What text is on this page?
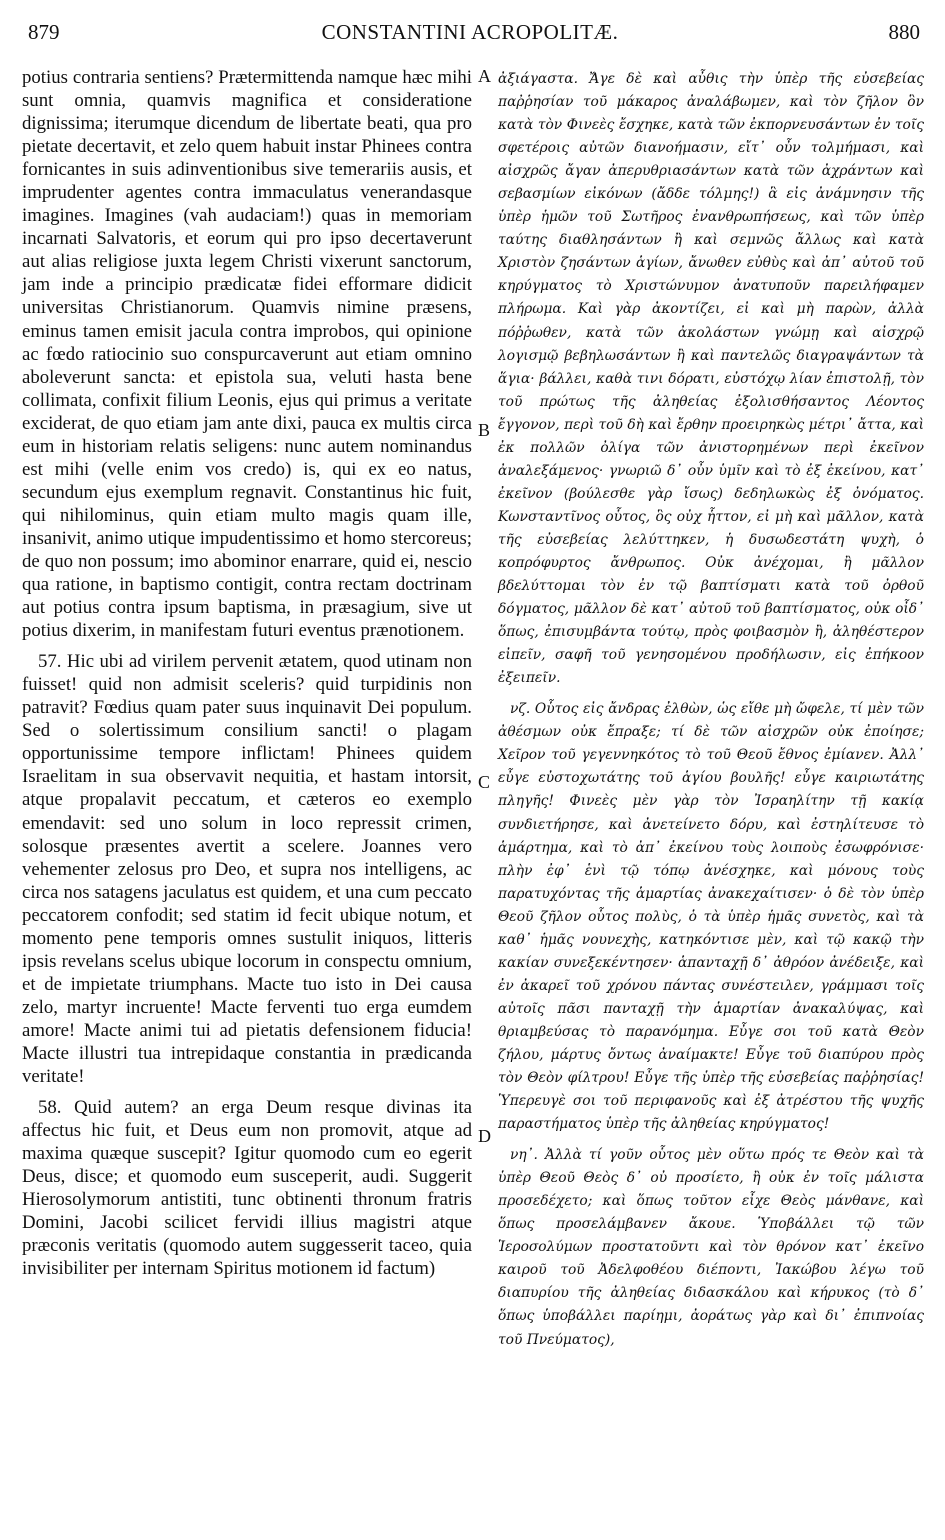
879	CONSTANTINI ACROPOLITÆ.	880
A
B
C
D

potius contraria sentiens? Prætermittenda namque hæc mihi sunt omnia, quamvis magnifica et consideratione dignissima; iterumque dicendum de libertate beati, qua pro pietate decertavit, et zelo quem habuit instar Phinees contra fornicantes in suis adinventionibus sive temerariis ausis, et imprudenter agentes contra immaculatus venerandasque imagines. Imagines (vah audaciam!) quas in memoriam incarnati Salvatoris, et eorum qui pro ipso decertaverunt aut alias religiose juxta legem Christi vixerunt sanctorum, jam inde a principio prædicatæ fidei efformare didicit universitas Christianorum. Quamvis nimine præsens, eminus tamen emisit jacula contra improbos, qui opinione ac fœdo ratiocinio suo conspurcaverunt aut etiam omnino aboleverunt sancta: et epistola sua, veluti hasta bene collimata, confixit filium Leonis, ejus qui primus a veritate exciderat, de quo etiam jam ante dixi, pauca ex multis circa eum in historiam relatis seligens: nunc autem nominandus est mihi (velle enim vos credo) is, qui ex eo natus, secundum ejus exemplum regnavit. Constantinus hic fuit, qui nihilominus, quin etiam multo magis quam ille, insanivit, animo utique impudentissimo et homo stercoreus; de quo non possum; imo abominor enarrare, quid ei, nescio qua ratione, in baptismo contigit, contra rectam doctrinam aut potius contra ipsum baptisma, in præsagium, sive ut potius dixerim, in manifestam futuri eventus prænotionem.

57. Hic ubi ad virilem pervenit ætatem, quod utinam non fuisset! quid non admisit sceleris? quid turpidinis non patravit? Fœdius quam pater suus inquinavit Dei populum. Sed o solertissimum consilium sancti! o plagam opportunissime tempore inflictam! Phinees quidem Israelitam in sua observavit nequitia, et hastam intorsit, atque propalavit peccatum, et cæteros eo exemplo emendavit: sed uno solum in loco repressit crimen, solosque præsentes avertit a scelere. Joannes vero vehementer zelosus pro Deo, et supra nos intelligens, ac circa nos satagens jaculatus est quidem, et una cum peccato peccatorem confodit; sed statim id fecit ubique notum, et momento pene temporis omnes sustulit iniquos, litteris ipsis revelans scelus ubique locorum in conspectu omnium, et de impietate triumphans. Macte tuo isto in Dei causa zelo, martyr incruente! Macte ferventi tuo erga eumdem amore! Macte animi tui ad pietatis defensionem fiducia! Macte illustri tua intrepidaque constantia in prædicanda veritate!

58. Quid autem? an erga Deum resque divinas ita affectus hic fuit, et Deus eum non promovit, atque ad maxima quæque suscepit? Igitur quomodo cum eo egerit Deus, disce; et quomodo eum susceperit, audi. Suggerit Hierosolymorum antistiti, tunc obtinenti thronum fratris Domini, Jacobi scilicet fervidi illius magistri atque præconis veritatis (quomodo autem suggesserit taceo, quia invisibiliter per internam Spiritus motionem id factum)

ἀξιάγαστα. Ἄγε δὲ καὶ αὖθις τὴν ὑπὲρ τῆς εὐσεβείας παῤῥησίαν τοῦ μάκαρος ἀναλάβωμεν, καὶ τὸν ζῆλον ὃν κατὰ τὸν Φινεὲς ἔσχηκε, κατὰ τῶν ἐκπορνευσάντων ἐν τοῖς σφετέροις αὐτῶν διανοήμασιν, εἴτ᾽ οὖν τολμήμασι, καὶ αἰσχρῶς ἄγαν ἀπερυθριασάντων κατὰ τῶν ἀχράντων καὶ σεβασμίων εἰκόνων (ἄδδε τόλμης!) ἃ εἰς ἀνάμνησιν τῆς ὑπὲρ ἡμῶν τοῦ Σωτῆρος ἐνανθρωπήσεως, καὶ τῶν ὑπὲρ ταύτης διαθλησάντων ἢ καὶ σεμνῶς ἄλλως καὶ κατὰ Χριστὸν ζησάντων ἁγίων, ἄνωθεν εὐθὺς καὶ ἀπ᾽ αὐτοῦ τοῦ κηρύγματος τὸ Χριστώνυμον ἀνατυποῦν παρειλήφαμεν πλήρωμα. Καὶ γὰρ ἀκοντίζει, εἰ καὶ μὴ παρὼν, ἀλλὰ πόῤῥωθεν, κατὰ τῶν ἀκολάστων γνώμῃ καὶ αἰσχρῷ λογισμῷ βεβηλωσάντων ἢ καὶ παντελῶς διαγραψάντων τὰ ἅγια· βάλλει, καθὰ τινι δόρατι, εὐστόχῳ λίαν ἐπιστολῇ, τὸν τοῦ πρώτως τῆς ἀληθείας ἐξολισθήσαντος Λέοντος ἔγγονον, περὶ τοῦ δὴ καὶ ἔρθην προειρηκὼς μέτρι᾽ ἄττα, καὶ ἐκ πολλῶν ὀλίγα τῶν ἀνιστορημένων περὶ ἐκεῖνον ἀναλεξάμενος· γνωριῶ δ᾽ οὖν ὑμῖν καὶ τὸ ἐξ ἐκείνου, κατ᾽ ἐκεῖνον (βούλεσθε γὰρ ἴσως) δεδηλωκὼς ἐξ ὀνόματος. Κωνσταντῖνος οὗτος, ὃς οὐχ ἧττον, εἰ μὴ καὶ μᾶλλον, κατὰ τῆς εὐσεβείας λελύττηκεν, ἡ δυσωδεστάτη ψυχὴ, ὁ κοπρόφυρτος ἄνθρωπος. Οὐκ ἀνέχομαι, ἢ μᾶλλον βδελύττομαι τὸν ἐν τῷ βαπτίσματι κατὰ τοῦ ὀρθοῦ δόγματος, μᾶλλον δὲ κατ᾽ αὐτοῦ τοῦ βαπτίσματος, οὐκ οἶδ᾽ ὅπως, ἐπισυμβάντα τούτῳ, πρὸς φοιβασμὸν ἢ, ἀληθέστερον εἰπεῖν, σαφῆ τοῦ γενησομένου προδήλωσιν, εἰς ἐπήκοον ἐξειπεῖν.

νζ. Οὗτος εἰς ἄνδρας ἐλθὼν, ὡς εἴθε μὴ ὤφελε, τί μὲν τῶν ἀθέσμων οὐκ ἔπραξε; τί δὲ τῶν αἰσχρῶν οὐκ ἐποίησε; Χεῖρον τοῦ γεγεννηκότος τὸ τοῦ Θεοῦ ἔθνος ἐμίανεν. Ἀλλ᾽ εὖγε εὐστοχωτάτης τοῦ ἁγίου βουλῆς! εὖγε καιριωτάτης πληγῆς! Φινεὲς μὲν γὰρ τὸν Ἰσραηλίτην τῇ κακίᾳ συνδιετήρησε, καὶ ἀνετείνετο δόρυ, καὶ ἐστηλίτευσε τὸ ἁμάρτημα, καὶ τὸ ἀπ᾽ ἐκείνου τοὺς λοιποὺς ἐσωφρόνισε· πλὴν ἐφ᾽ ἑνὶ τῷ τόπῳ ἀνέσχηκε, καὶ μόνους τοὺς παρατυχόντας τῆς ἁμαρτίας ἀνακεχαίτισεν· ὁ δὲ τὸν ὑπὲρ Θεοῦ ζῆλον οὗτος πολὺς, ὁ τὰ ὑπὲρ ἡμᾶς συνετὸς, καὶ τὰ καθ᾽ ἡμᾶς νουνεχὴς, κατηκόντισε μὲν, καὶ τῷ κακῷ τὴν κακίαν συνεξεκέντησεν· ἁπανταχῇ δ᾽ ἀθρόον ἀνέδειξε, καὶ ἐν ἀκαρεῖ τοῦ χρόνου πάντας συνέστειλεν, γράμμασι τοῖς αὐτοῖς πᾶσι πανταχῇ τὴν ἁμαρτίαν ἀνακαλύψας, καὶ θριαμβεύσας τὸ παρανόμημα. Εὖγε σοι τοῦ κατὰ Θεὸν ζήλου, μάρτυς ὄντως ἀναίμακτε! Εὖγε τοῦ διαπύρου πρὸς τὸν Θεὸν φίλτρου! Εὖγε τῆς ὑπὲρ τῆς εὐσεβείας παῤῥησίας! Ὑπερευγὲ σοι τοῦ περιφανοῦς καὶ ἐξ ἀτρέστου τῆς ψυχῆς παραστήματος ὑπὲρ τῆς ἀληθείας κηρύγματος!

νη᾽. Ἀλλὰ τί γοῦν οὗτος μὲν οὕτω πρός τε Θεὸν καὶ τὰ ὑπὲρ Θεοῦ Θεὸς δ᾽ οὐ προσίετο, ἢ οὐκ ἐν τοῖς μάλιστα προσεδέχετο; καὶ ὅπως τοῦτον εἶχε Θεὸς μάνθανε, καὶ ὅπως προσελάμβανεν ἄκουε. Ὑποβάλλει τῷ τῶν Ἱεροσολύμων προστατοῦντι καὶ τὸν θρόνον κατ᾽ ἐκεῖνο καιροῦ τοῦ Ἀδελφοθέου διέποντι, Ἰακώβου λέγω τοῦ διαπυρίου τῆς ἀληθείας διδασκάλου καὶ κήρυκος (τὸ δ᾽ ὅπως ὑποβάλλει παρίημι, ἀοράτως γὰρ καὶ δι᾽ ἐπιπνοίας τοῦ Πνεύματος),
